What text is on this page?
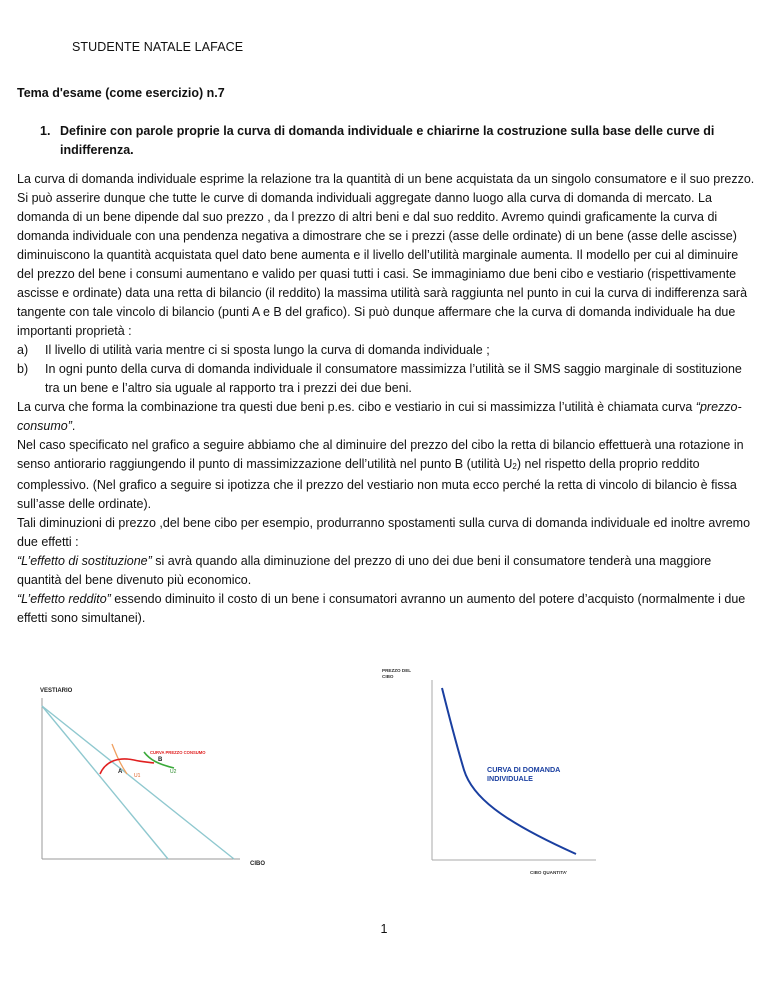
STUDENTE NATALE LAFACE
Tema d'esame (come esercizio) n.7
1. Definire con parole proprie la curva di domanda individuale e chiarirne la costruzione sulla base delle curve di indifferenza.

La curva di domanda individuale esprime la relazione tra la quantità di un bene acquistata da un singolo consumatore e il suo prezzo. Si può asserire dunque che tutte le curve di domanda individuali aggregate danno luogo alla curva di domanda di mercato. La domanda di un bene dipende dal suo prezzo , da l prezzo di altri beni e dal suo reddito. Avremo quindi graficamente la curva di domanda individuale con una pendenza negativa a dimostrare che se i prezzi (asse delle ordinate) di un bene (asse delle ascisse) diminuiscono la quantità acquistata quel dato bene aumenta e il livello dell’utilità marginale aumenta. Il modello per cui al diminuire del prezzo del bene i consumi aumentano e valido per quasi tutti i casi. Se immaginiamo due beni cibo e vestiario (rispettivamente ascisse e ordinate) data una retta di bilancio (il reddito) la massima utilità sarà raggiunta nel punto in cui la curva di indifferenza sarà tangente con tale vincolo di bilancio (punti A e B del grafico). Si può dunque affermare che la curva di domanda individuale ha due importanti proprietà :

a) Il livello di utilità varia mentre ci si sposta lungo la curva di domanda individuale ;

b) In ogni punto della curva di domanda individuale il consumatore massimizza l’utilità se il SMS saggio marginale di sostituzione tra un bene e l’altro sia uguale al rapporto tra i prezzi dei due beni.

La curva che forma la combinazione tra questi due beni p.es. cibo e vestiario in cui si massimizza l’utilità è chiamata curva “prezzo-consumo”.

Nel caso specificato nel grafico a seguire abbiamo che al diminuire del prezzo del cibo la retta di bilancio effettuerà una rotazione in senso antiorario raggiungendo il punto di massimizzazione dell’utilità nel punto B (utilità U2) nel rispetto della proprio reddito complessivo. (Nel grafico a seguire si ipotizza che il prezzo del vestiario non muta ecco perché la retta di vincolo di bilancio è fissa sull’asse delle ordinate).

Tali diminuzioni di prezzo ,del bene cibo per esempio, produrranno spostamenti sulla curva di domanda individuale ed inoltre avremo due effetti :

“L’effetto di sostituzione” si avrà quando alla diminuzione del prezzo di uno dei due beni il consumatore tenderà una maggiore quantità del bene divenuto più economico.

“L’effetto reddito” essendo diminuito il costo di un bene i consumatori avranno un aumento del potere d’acquisto (normalmente i due effetti sono simultanei).

VESTIARIO
CIBO
CURVA PREZZO CONSUMO
A
B
U1
U2
PREZZO DEL
CIBO
CURVA DI DOMANDA
INDIVIDUALE
CIBO QUANTITA'
1
